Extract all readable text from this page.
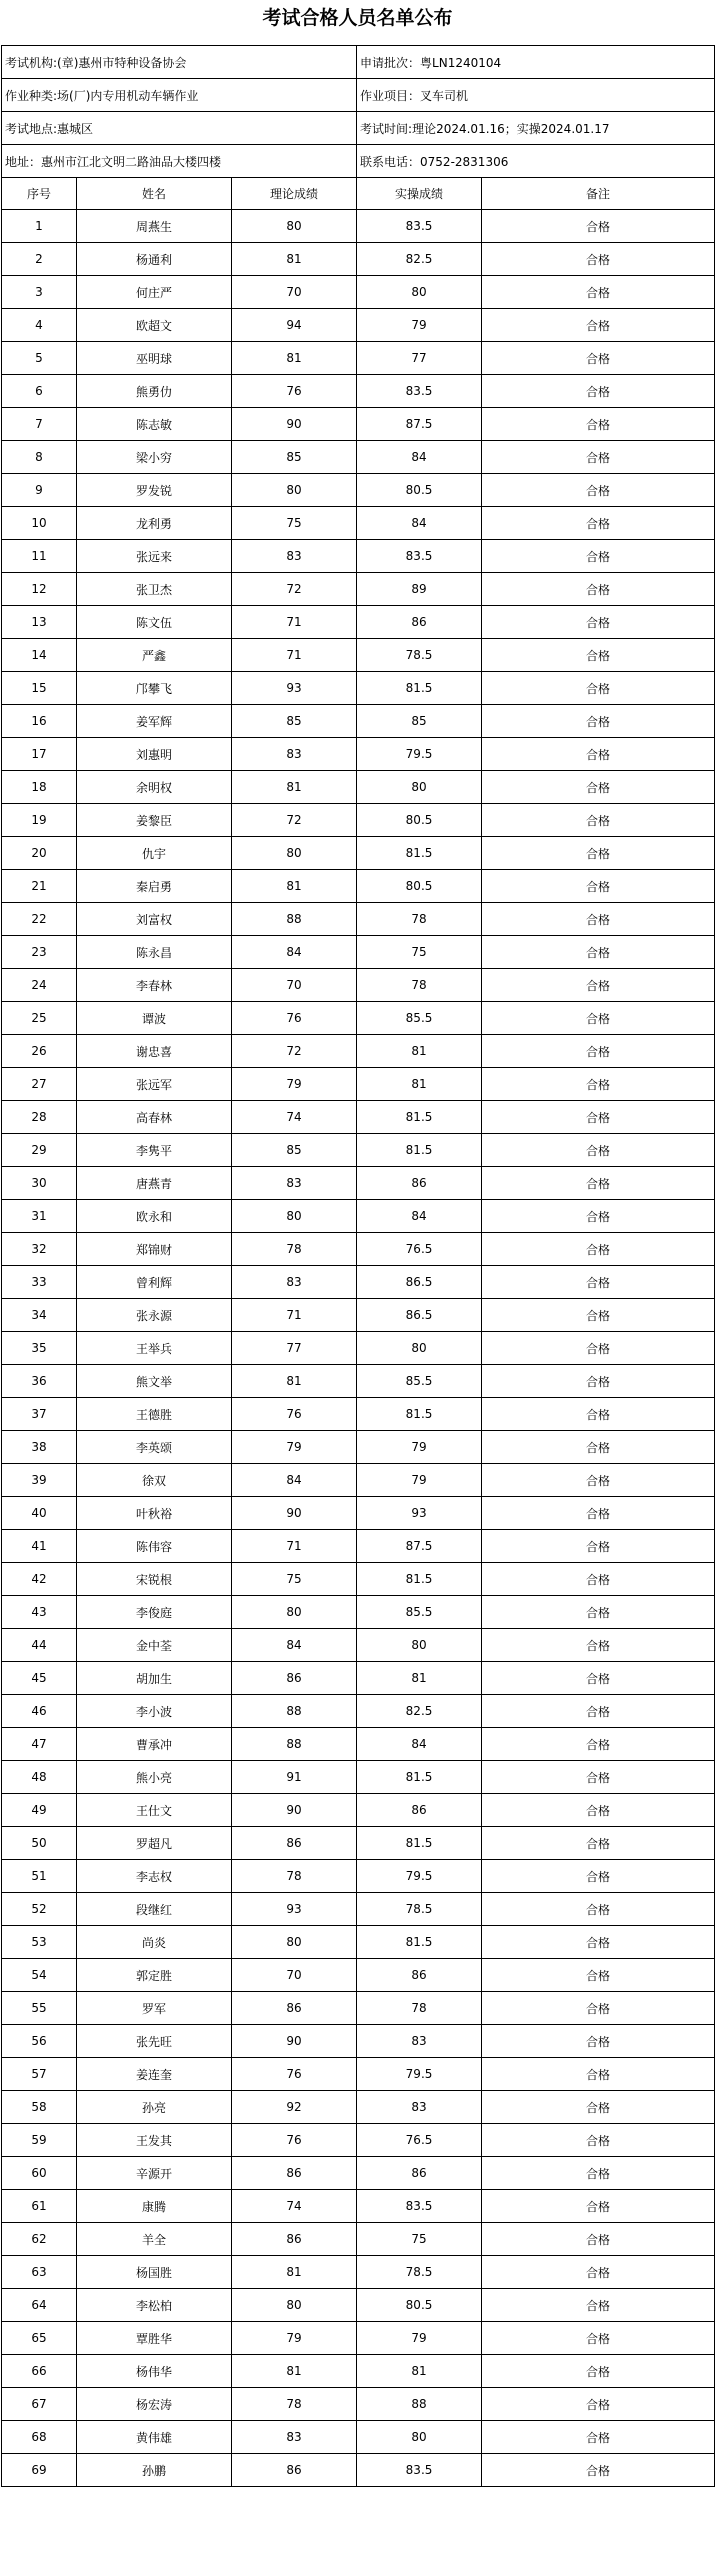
考试合格人员名单公布
考试机构:(章)惠州市特种设备协会			申请批次：粤LN1240104	
作业种类:场(厂)内专用机动车辆作业			作业项目：叉车司机	
考试地点:惠城区			考试时间:理论2024.01.16；实操2024.01.17	
地址：惠州市江北文明二路油品大楼四楼			联系电话：0752-2831306	
序号	姓名	理论成绩	实操成绩	备注
1	周燕生	80	83.5	合格
2	杨通利	81	82.5	合格
3	何庄严	70	80	合格
4	欧超文	94	79	合格
5	巫明球	81	77	合格
6	熊勇仂	76	83.5	合格
7	陈志敏	90	87.5	合格
8	梁小穷	85	84	合格
9	罗发锐	80	80.5	合格
10	龙利勇	75	84	合格
11	张远来	83	83.5	合格
12	张卫杰	72	89	合格
13	陈文伍	71	86	合格
14	严鑫	71	78.5	合格
15	邝攀飞	93	81.5	合格
16	姜军辉	85	85	合格
17	刘惠明	83	79.5	合格
18	余明权	81	80	合格
19	姜黎臣	72	80.5	合格
20	仇宇	80	81.5	合格
21	秦启勇	81	80.5	合格
22	刘富权	88	78	合格
23	陈永昌	84	75	合格
24	李春林	70	78	合格
25	谭波	76	85.5	合格
26	谢忠喜	72	81	合格
27	张远军	79	81	合格
28	高春林	74	81.5	合格
29	李隽平	85	81.5	合格
30	唐燕青	83	86	合格
31	欧永和	80	84	合格
32	郑锦财	78	76.5	合格
33	曾利辉	83	86.5	合格
34	张永源	71	86.5	合格
35	王举兵	77	80	合格
36	熊文举	81	85.5	合格
37	王德胜	76	81.5	合格
38	李英颂	79	79	合格
39	徐双	84	79	合格
40	叶秋裕	90	93	合格
41	陈伟容	71	87.5	合格
42	宋锐根	75	81.5	合格
43	李俊庭	80	85.5	合格
44	金中荃	84	80	合格
45	胡加生	86	81	合格
46	李小波	88	82.5	合格
47	曹承冲	88	84	合格
48	熊小亮	91	81.5	合格
49	王仕文	90	86	合格
50	罗超凡	86	81.5	合格
51	李志权	78	79.5	合格
52	段继红	93	78.5	合格
53	尚炎	80	81.5	合格
54	郭定胜	70	86	合格
55	罗军	86	78	合格
56	张先旺	90	83	合格
57	姜连奎	76	79.5	合格
58	孙亮	92	83	合格
59	王发其	76	76.5	合格
60	辛源开	86	86	合格
61	康腾	74	83.5	合格
62	羊全	86	75	合格
63	杨国胜	81	78.5	合格
64	李松柏	80	80.5	合格
65	覃胜华	79	79	合格
66	杨伟华	81	81	合格
67	杨宏涛	78	88	合格
68	黄伟雄	83	80	合格
69	孙鹏	86	83.5	合格
